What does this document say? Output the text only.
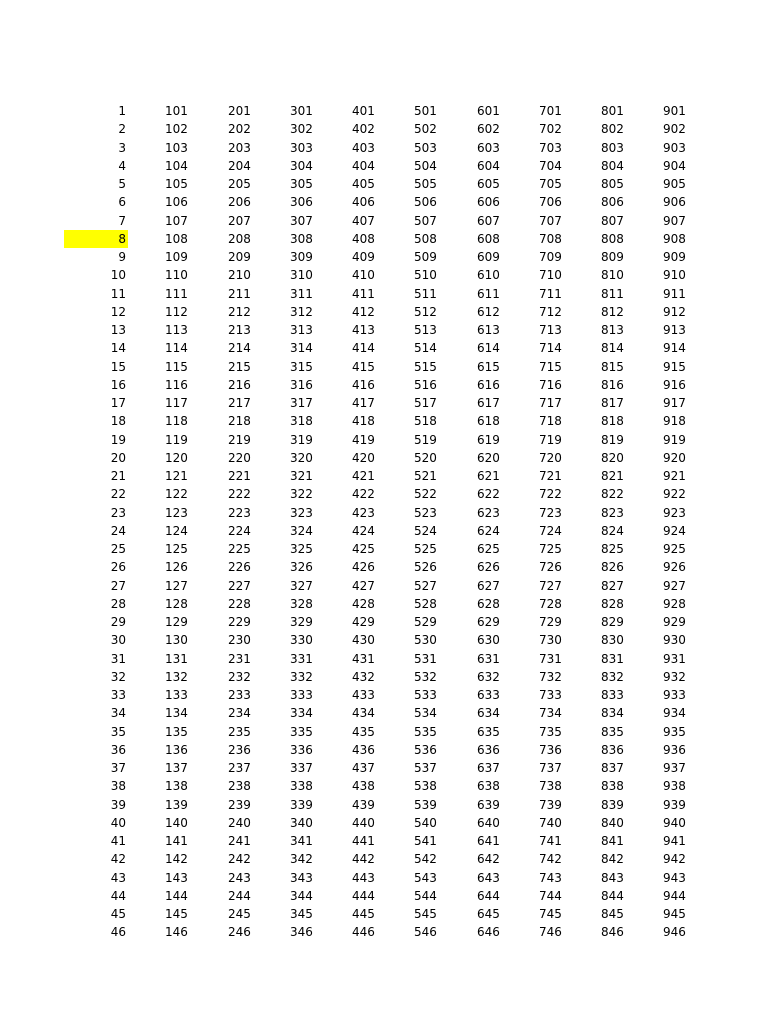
1	101	201	301	401	501	601	701	801	901
2	102	202	302	402	502	602	702	802	902
3	103	203	303	403	503	603	703	803	903
4	104	204	304	404	504	604	704	804	904
5	105	205	305	405	505	605	705	805	905
6	106	206	306	406	506	606	706	806	906
7	107	207	307	407	507	607	707	807	907
8	108	208	308	408	508	608	708	808	908
9	109	209	309	409	509	609	709	809	909
10	110	210	310	410	510	610	710	810	910
11	111	211	311	411	511	611	711	811	911
12	112	212	312	412	512	612	712	812	912
13	113	213	313	413	513	613	713	813	913
14	114	214	314	414	514	614	714	814	914
15	115	215	315	415	515	615	715	815	915
16	116	216	316	416	516	616	716	816	916
17	117	217	317	417	517	617	717	817	917
18	118	218	318	418	518	618	718	818	918
19	119	219	319	419	519	619	719	819	919
20	120	220	320	420	520	620	720	820	920
21	121	221	321	421	521	621	721	821	921
22	122	222	322	422	522	622	722	822	922
23	123	223	323	423	523	623	723	823	923
24	124	224	324	424	524	624	724	824	924
25	125	225	325	425	525	625	725	825	925
26	126	226	326	426	526	626	726	826	926
27	127	227	327	427	527	627	727	827	927
28	128	228	328	428	528	628	728	828	928
29	129	229	329	429	529	629	729	829	929
30	130	230	330	430	530	630	730	830	930
31	131	231	331	431	531	631	731	831	931
32	132	232	332	432	532	632	732	832	932
33	133	233	333	433	533	633	733	833	933
34	134	234	334	434	534	634	734	834	934
35	135	235	335	435	535	635	735	835	935
36	136	236	336	436	536	636	736	836	936
37	137	237	337	437	537	637	737	837	937
38	138	238	338	438	538	638	738	838	938
39	139	239	339	439	539	639	739	839	939
40	140	240	340	440	540	640	740	840	940
41	141	241	341	441	541	641	741	841	941
42	142	242	342	442	542	642	742	842	942
43	143	243	343	443	543	643	743	843	943
44	144	244	344	444	544	644	744	844	944
45	145	245	345	445	545	645	745	845	945
46	146	246	346	446	546	646	746	846	946
